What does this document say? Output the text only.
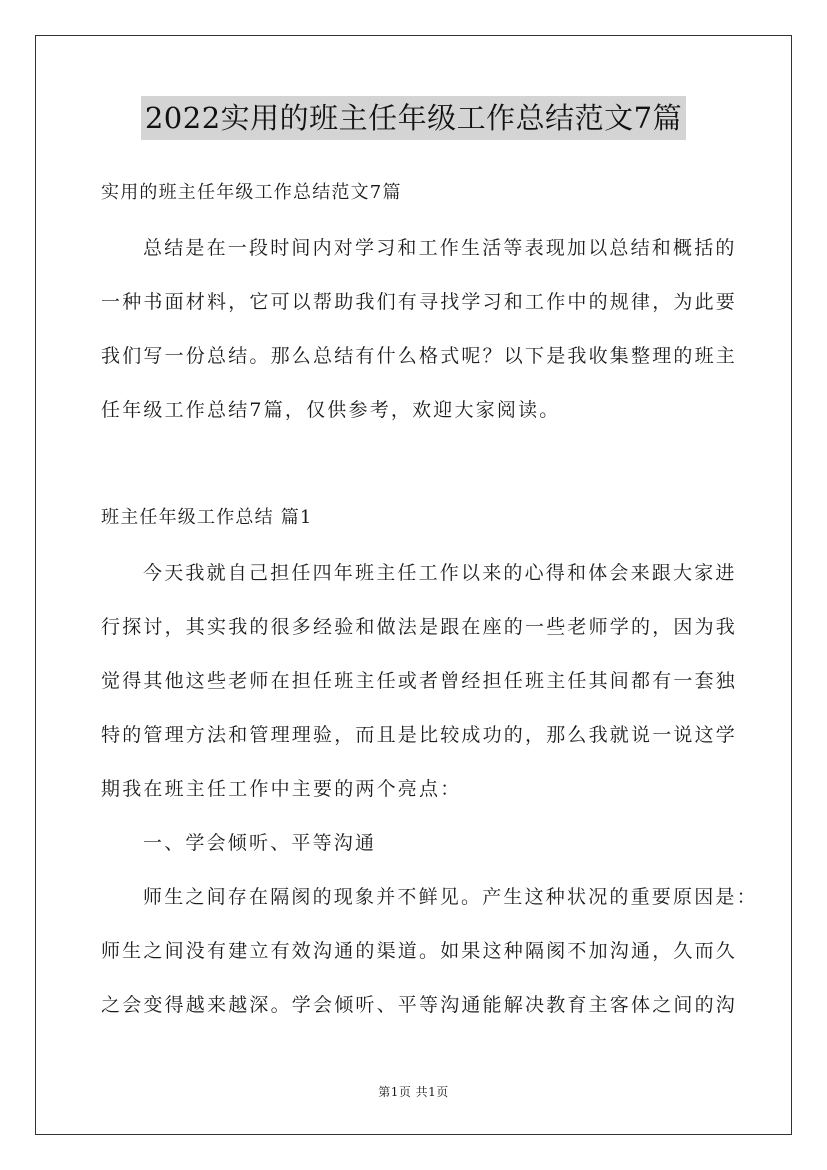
2022实用的班主任年级工作总结范文7篇
实用的班主任年级工作总结范文7篇
总结是在一段时间内对学习和工作生活等表现加以总结和概括的
一种书面材料，它可以帮助我们有寻找学习和工作中的规律，为此要
我们写一份总结。那么总结有什么格式呢？以下是我收集整理的班主
任年级工作总结7篇，仅供参考，欢迎大家阅读。
班主任年级工作总结 篇1
今天我就自己担任四年班主任工作以来的心得和体会来跟大家进
行探讨，其实我的很多经验和做法是跟在座的一些老师学的，因为我
觉得其他这些老师在担任班主任或者曾经担任班主任其间都有一套独
特的管理方法和管理理验，而且是比较成功的，那么我就说一说这学
期我在班主任工作中主要的两个亮点：
一、学会倾听、平等沟通
师生之间存在隔阂的现象并不鲜见。产生这种状况的重要原因是：
师生之间没有建立有效沟通的渠道。如果这种隔阂不加沟通，久而久
之会变得越来越深。学会倾听、平等沟通能解决教育主客体之间的沟
第1页 共1页
